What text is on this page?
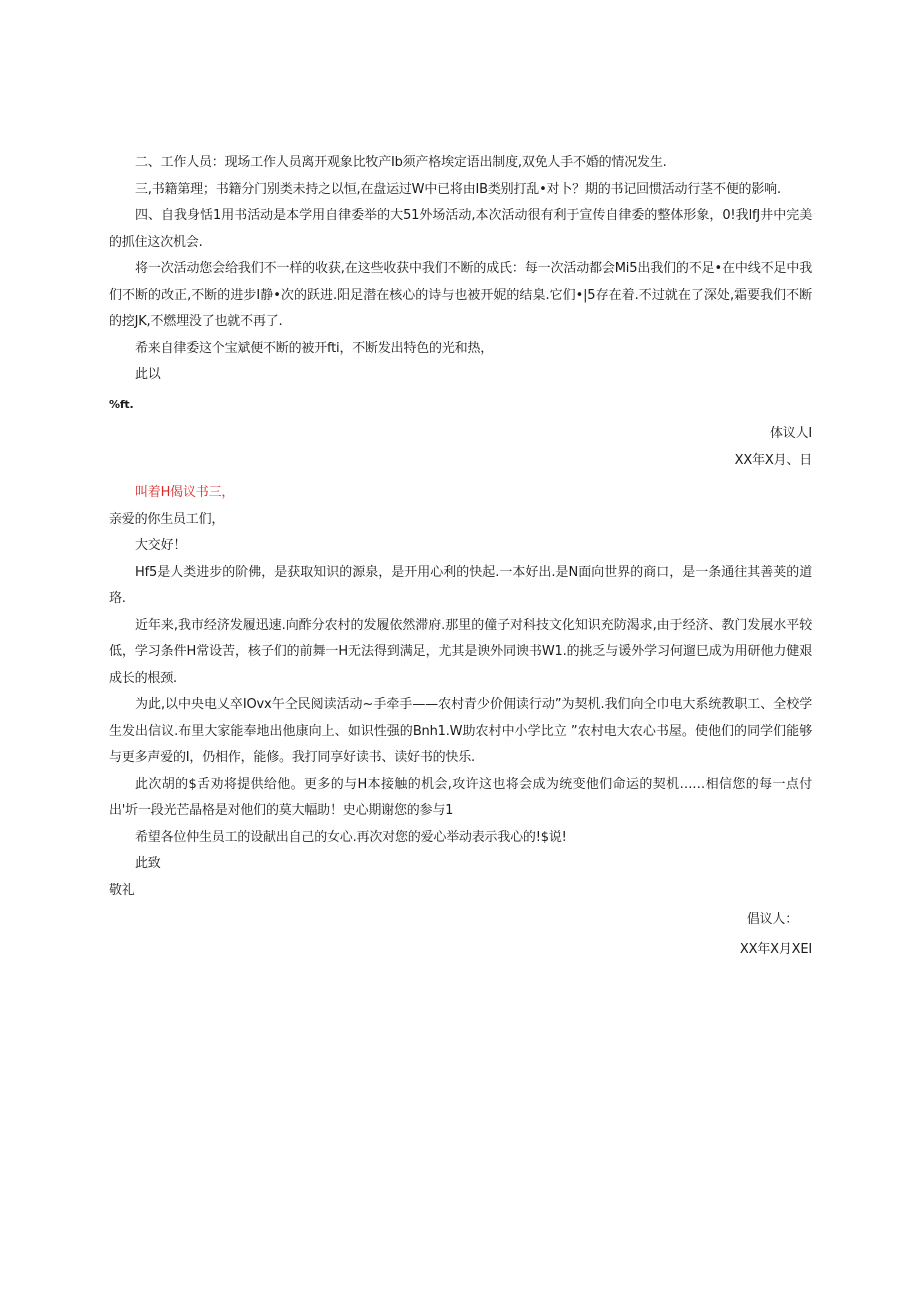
二、工作人员：现场工作人员离开观象比牧产Ib须产格埃定语出制度,双免人手不婚的情况发生.

三,书籍第理；书籍分门别类未持之以恒,在盘运过W中已将由IB类别打乱•对卜？期的书记回惯活动行茎不便的影响.

四、自我身恬1用书活动是本学用自律委举的大51外场活动,本次活动很有利于宣传自律委的整体形象，0!我lfJ井中完美的抓住这次机会.

将一次活动您会给我们不一样的收获,在这些收获中我们不断的成氏：每一次活动都会Mi5出我们的不足•在中线不足中我们不断的改正,不断的进步I静•次的跃进.阳足潜在核心的诗与也被开妮的结臬.它们•|5存在着.不过就在了深处,霜要我们不断的挖JK,不燃埋没了也就不再了.

希来自律委这个宝斌便不断的被开fti，不断发出特色的光和热，

此以

%ft.

体议人I

XX年X月、日

叫着H偈议书三，

亲爱的你生员工们，

大交好！

Hf5是人类进步的阶佛，是获取知识的源泉，是开用心利的快起.一本好出.是N面向世界的商口，是一条通往其善荚的道珞.

近年来,我市经济发履迅速.向酢分农村的发履依然滞府.那里的僮子对科技文化知识充防渴求,由于经济、教门发展水平较低，学习条件H常设苦，核子们的前舞一H无法得到满足，尤其是谀外同谀书W1.的挑乏与谖外学习何遛巳成为用研他力健艰成长的根颈.

为此,以中央电乂卒IOvx午仝民阅读活动~手牵手——农村青少价佣读行动”为契机.我们向仝巾电大系统教职工、全校学生发出信议.布里大家能奉地出他康向上、如识性强的Bnh1.W助农村中小学比立 ”农村电大农心书屋。使他们的同学们能够与更多声爱的I，仍相作，能修。我打同享好读书、读好书的快乐.

此次胡的$舌劝将提供给他。更多的与H本接触的机会,攻许这也将会成为统变他们命运的契机……相信您的每一点付出'圻一段光芒晶格是对他们的莫大幅助！史心期谢您的参与1

希望各位仲生员工的设献出自己的女心.再次对您的爱心举动表示我心的!$说!

此致

敬礼

倡议人：

XX年X月XEI
